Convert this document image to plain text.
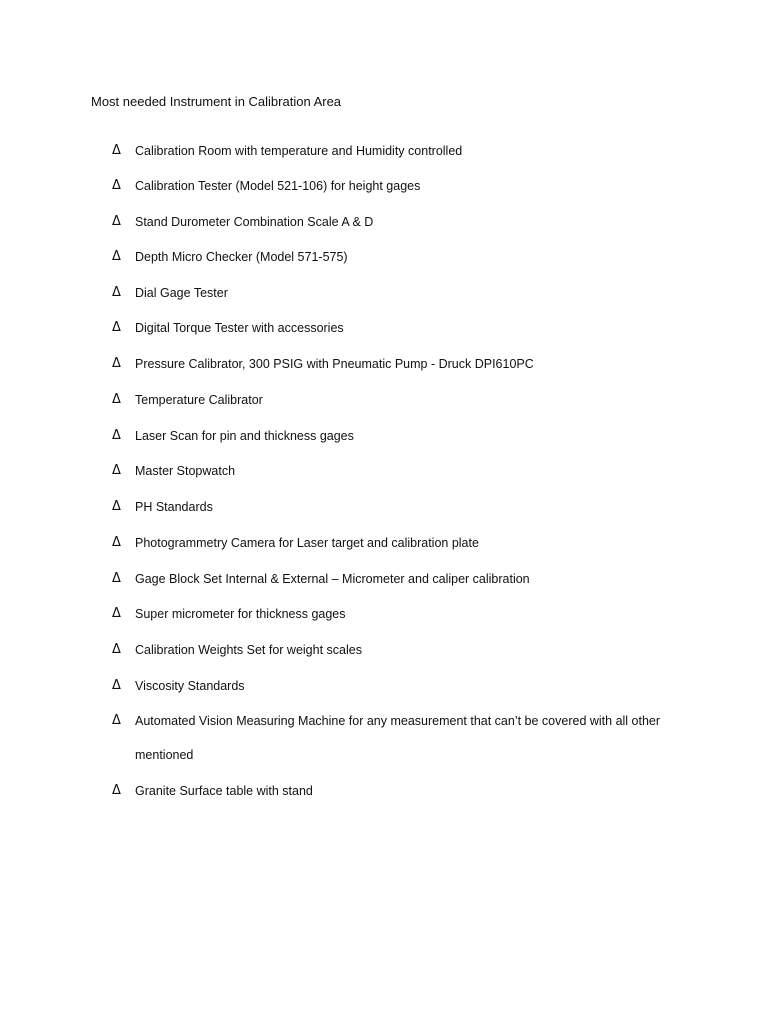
Most needed Instrument in Calibration Area
Δ Calibration Room with temperature and Humidity controlled
Δ Calibration Tester (Model 521-106) for height gages
Δ Stand Durometer Combination Scale A & D
Δ Depth Micro Checker (Model 571-575)
Δ Dial Gage Tester
Δ Digital Torque Tester with accessories
Δ Pressure Calibrator, 300 PSIG with Pneumatic Pump - Druck DPI610PC
Δ Temperature Calibrator
Δ Laser Scan for pin and thickness gages
Δ Master Stopwatch
Δ PH Standards
Δ Photogrammetry Camera for Laser target and calibration plate
Δ Gage Block Set Internal & External – Micrometer and caliper calibration
Δ Super micrometer for thickness gages
Δ Calibration Weights Set for weight scales
Δ Viscosity Standards
Δ Automated Vision Measuring Machine for any measurement that can’t be covered with all other mentioned
Δ Granite Surface table with stand
